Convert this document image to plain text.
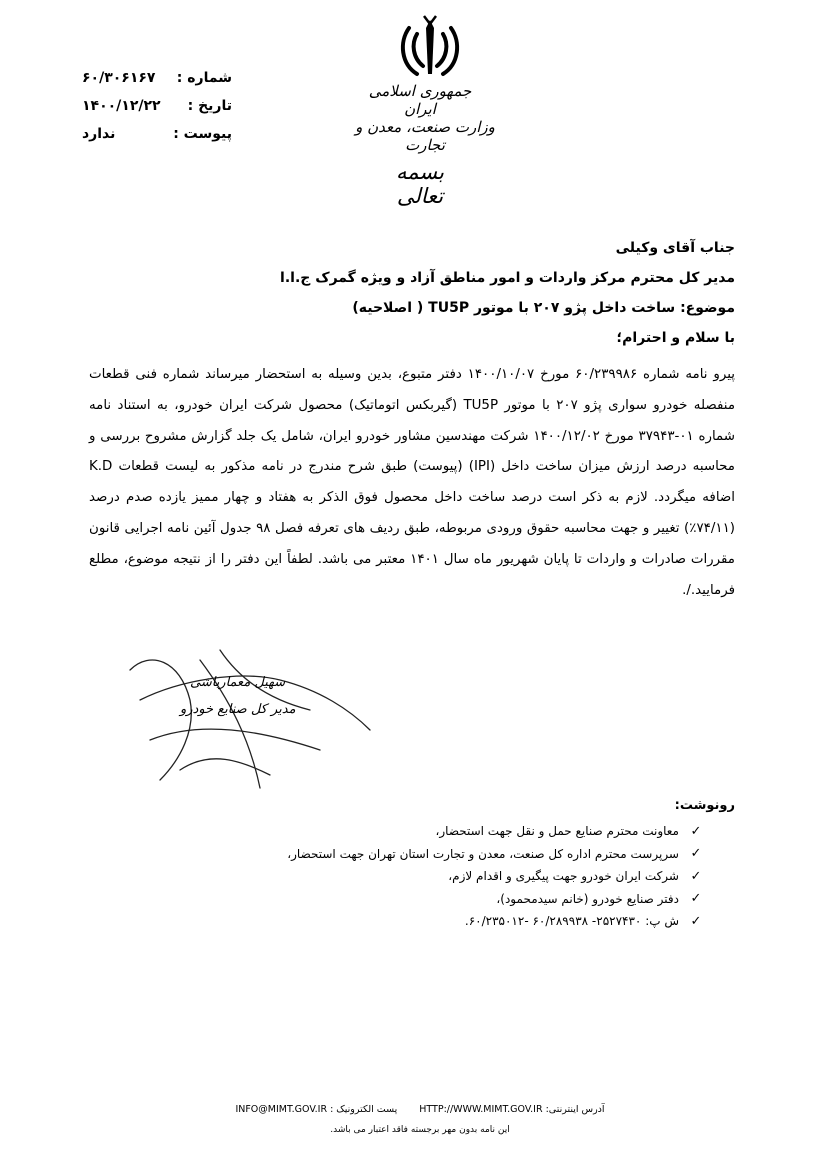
۶۰/۳۰۶۱۶۷ شماره :
۱۴۰۰/۱۲/۲۲ تاریخ :
ندارد	پیوست :
جمهوری اسلامی ایران
وزارت صنعت، معدن و تجارت
بسمه تعالی
جناب آقای وکیلی
مدیر کل محترم مرکز واردات و امور مناطق آزاد و ویژه گمرک ج.ا.ا
موضوع: ساخت داخل پژو ۲۰۷ با موتور TU5P ( اصلاحیه)
با سلام و احترام؛
پیرو نامه شماره ۶۰/۲۳۹۹۸۶ مورخ ۱۴۰۰/۱۰/۰۷ دفتر متبوع، بدین وسیله به استحضار میرساند شماره فنی قطعات منفصله خودرو سواری پژو ۲۰۷ با موتور TU5P (گیربکس اتوماتیک) محصول شرکت ایران خودرو، به استناد نامه شماره ۰۱-۳۷۹۴۳ مورخ ۱۴۰۰/۱۲/۰۲ شرکت مهندسین مشاور خودرو ایران، شامل یک جلد گزارش مشروح بررسی و محاسبه درصد ارزش میزان ساخت داخل (IPI) (پیوست) طبق شرح مندرج در نامه مذکور به لیست قطعات K.D اضافه میگردد. لازم به ذکر است درصد ساخت داخل محصول فوق الذکر به هفتاد و چهار ممیز یازده صدم درصد (۷۴/۱۱٪) تغییر و جهت محاسبه حقوق ورودی مربوطه، طبق ردیف های تعرفه فصل ۹۸ جدول آئین نامه اجرایی قانون مقررات صادرات و واردات تا پایان شهریور ماه سال ۱۴۰۱ معتبر می باشد. لطفاً این دفتر را از نتیجه موضوع، مطلع فرمایید./.
سهیل معمارباشی
مدیر کل صنایع خودرو
رونوشت:
✓
معاونت محترم صنایع حمل و نقل جهت استحضار،
✓
سرپرست محترم اداره کل صنعت، معدن و تجارت استان تهران جهت استحضار،
✓
شرکت ایران خودرو جهت پیگیری و اقدام لازم،
✓
دفتر صنایع خودرو (خانم سیدمحمود)،
✓
ش پ: ۲۵۲۷۴۳۰- ۶۰/۲۸۹۹۳۸ -۶۰/۲۳۵۰۱۲.
آدرس اینترنتی: HTTP://WWW.MIMT.GOV.IR
پست الکترونیک : INFO@MIMT.GOV.IR
این نامه بدون مهر برجسته فاقد اعتبار می باشد.
